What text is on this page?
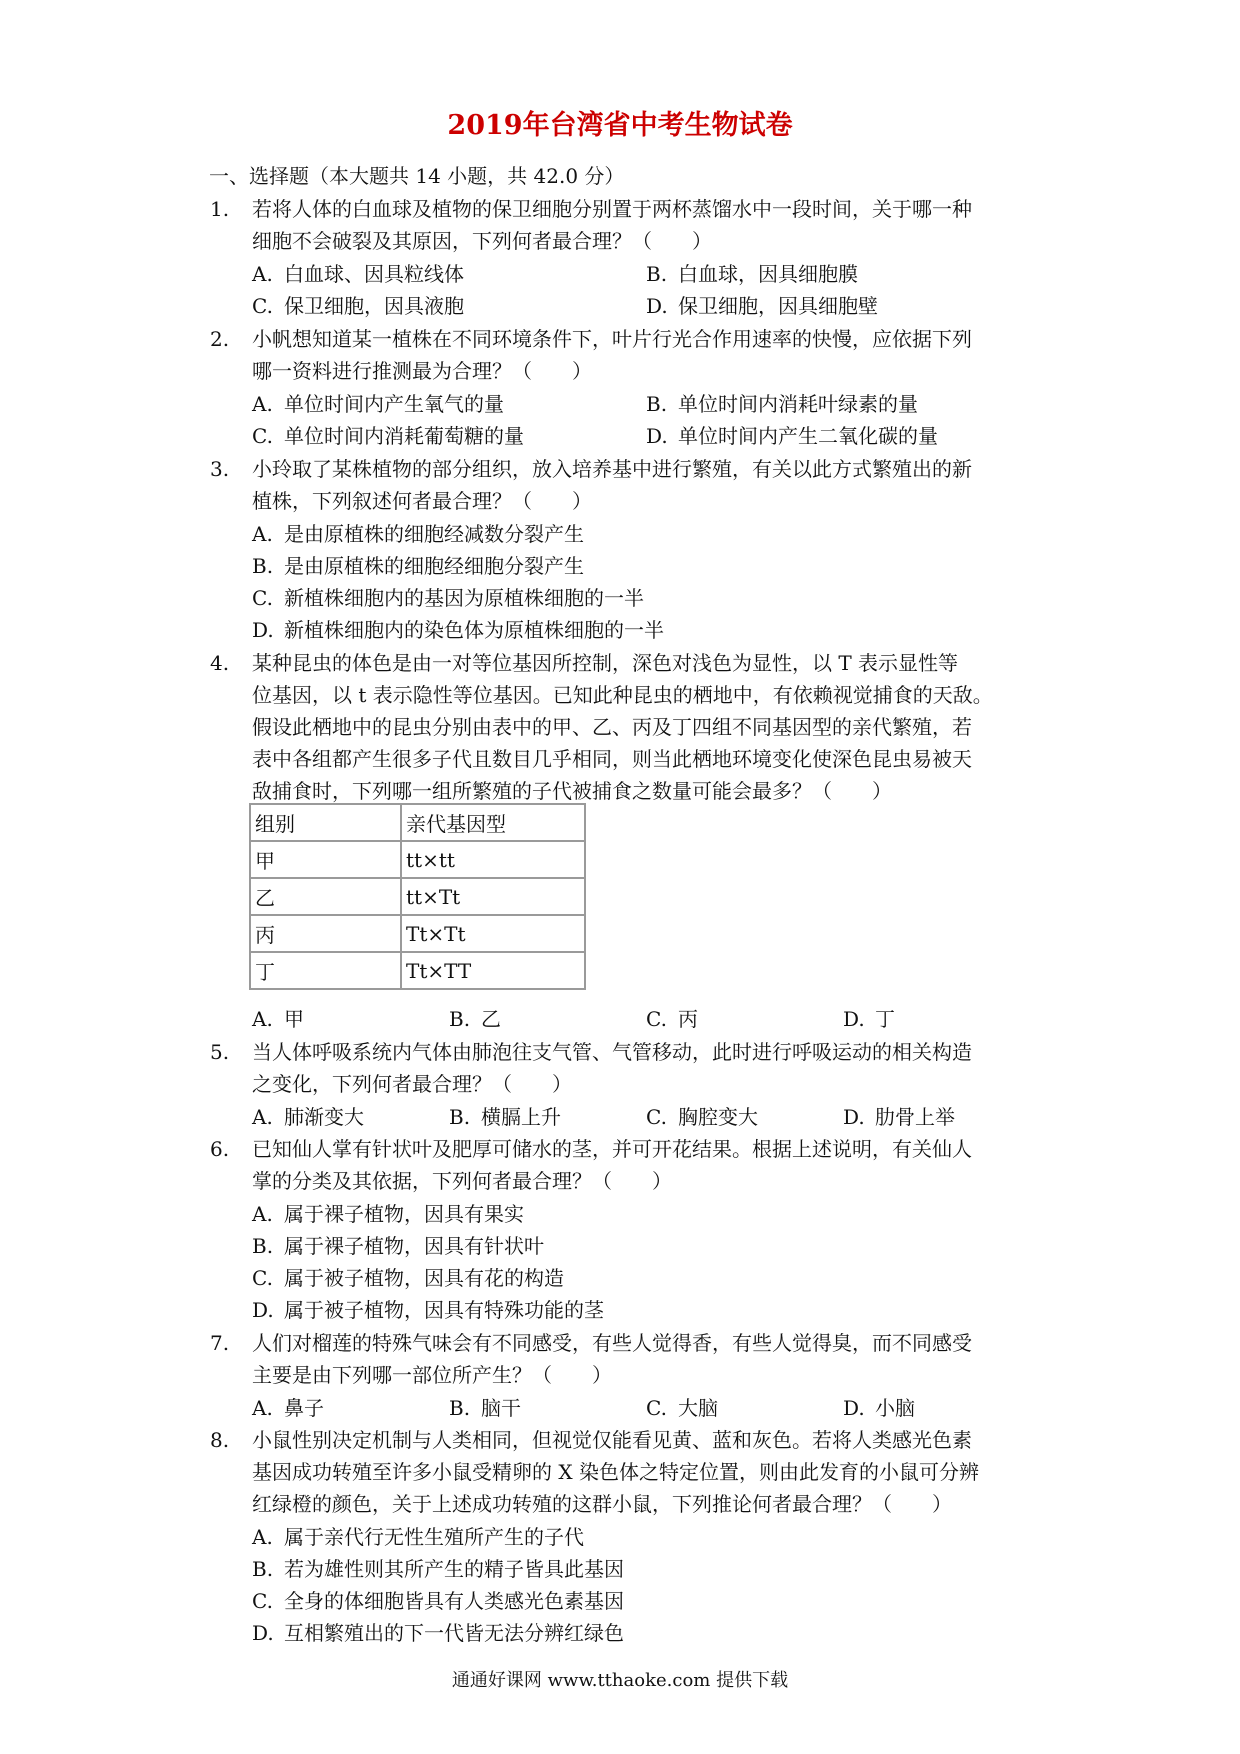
2019年台湾省中考生物试卷
一、选择题（本大题共 14 小题，共 42.0 分）
1. 若将人体的白血球及植物的保卫细胞分别置于两杯蒸馏水中一段时间，关于哪一种
细胞不会破裂及其原因，下列何者最合理？（　　）
A. 白血球、因具粒线体	B. 白血球，因具细胞膜
C. 保卫细胞，因具液胞	D. 保卫细胞，因具细胞壁
2. 小帆想知道某一植株在不同环境条件下，叶片行光合作用速率的快慢，应依据下列
哪一资料进行推测最为合理？（　　）
A. 单位时间内产生氧气的量	B. 单位时间内消耗叶绿素的量
C. 单位时间内消耗葡萄糖的量	D. 单位时间内产生二氧化碳的量
3. 小玲取了某株植物的部分组织，放入培养基中进行繁殖，有关以此方式繁殖出的新
植株，下列叙述何者最合理？（　　）
A. 是由原植株的细胞经减数分裂产生
B. 是由原植株的细胞经细胞分裂产生
C. 新植株细胞内的基因为原植株细胞的一半
D. 新植株细胞内的染色体为原植株细胞的一半
4. 某种昆虫的体色是由一对等位基因所控制，深色对浅色为显性，以 T 表示显性等
位基因，以 t 表示隐性等位基因。已知此种昆虫的栖地中，有依赖视觉捕食的天敌。
假设此栖地中的昆虫分别由表中的甲、乙、丙及丁四组不同基因型的亲代繁殖，若
表中各组都产生很多子代且数目几乎相同，则当此栖地环境变化使深色昆虫易被天
敌捕食时，下列哪一组所繁殖的子代被捕食之数量可能会最多？（　　）
组别	亲代基因型
甲	tt×tt
乙	tt×Tt
丙	Tt×Tt
丁	Tt×TT
A. 甲	B. 乙	C. 丙	D. 丁
5. 当人体呼吸系统内气体由肺泡往支气管、气管移动，此时进行呼吸运动的相关构造
之变化，下列何者最合理？（　　）
A. 肺渐变大	B. 横膈上升	C. 胸腔变大	D. 肋骨上举
6. 已知仙人掌有针状叶及肥厚可储水的茎，并可开花结果。根据上述说明，有关仙人
掌的分类及其依据，下列何者最合理？（　　）
A. 属于裸子植物，因具有果实
B. 属于裸子植物，因具有针状叶
C. 属于被子植物，因具有花的构造
D. 属于被子植物，因具有特殊功能的茎
7. 人们对榴莲的特殊气味会有不同感受，有些人觉得香，有些人觉得臭，而不同感受
主要是由下列哪一部位所产生？（　　）
A. 鼻子	B. 脑干	C. 大脑	D. 小脑
8. 小鼠性别决定机制与人类相同，但视觉仅能看见黄、蓝和灰色。若将人类感光色素
基因成功转殖至许多小鼠受精卵的 X 染色体之特定位置，则由此发育的小鼠可分辨
红绿橙的颜色，关于上述成功转殖的这群小鼠，下列推论何者最合理？（　　）
A. 属于亲代行无性生殖所产生的子代
B. 若为雄性则其所产生的精子皆具此基因
C. 全身的体细胞皆具有人类感光色素基因
D. 互相繁殖出的下一代皆无法分辨红绿色
通通好课网 www.tthaoke.com 提供下载
